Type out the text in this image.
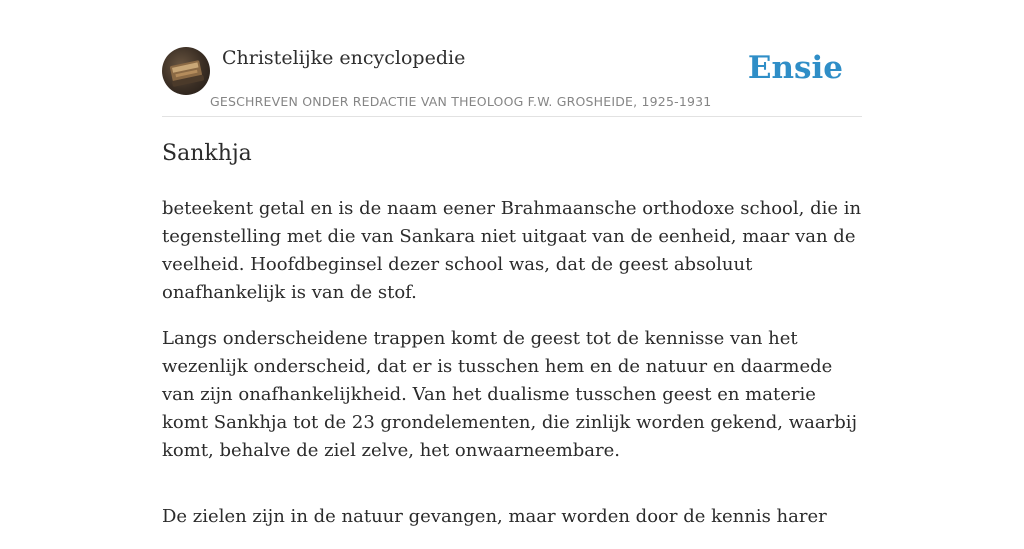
Christelijke encyclopedie
GESCHREVEN ONDER REDACTIE VAN THEOLOOG F.W. GROSHEIDE, 1925-1931
Ensie
Sankhja

beteekent getal en is de naam eener Brahmaansche orthodoxe school, die in tegenstelling met die van Sankara niet uitgaat van de eenheid, maar van de veelheid. Hoofdbeginsel dezer school was, dat de geest absoluut onafhankelijk is van de stof.

Langs onderscheidene trappen komt de geest tot de kennisse van het wezenlijk onderscheid, dat er is tusschen hem en de natuur en daarmede van zijn onafhankelijkheid. Van het dualisme tusschen geest en materie komt Sankhja tot de 23 grondelementen, die zinlijk worden gekend, waarbij komt, behalve de ziel zelve, het onwaarneembare.

De zielen zijn in de natuur gevangen, maar worden door de kennis harer
